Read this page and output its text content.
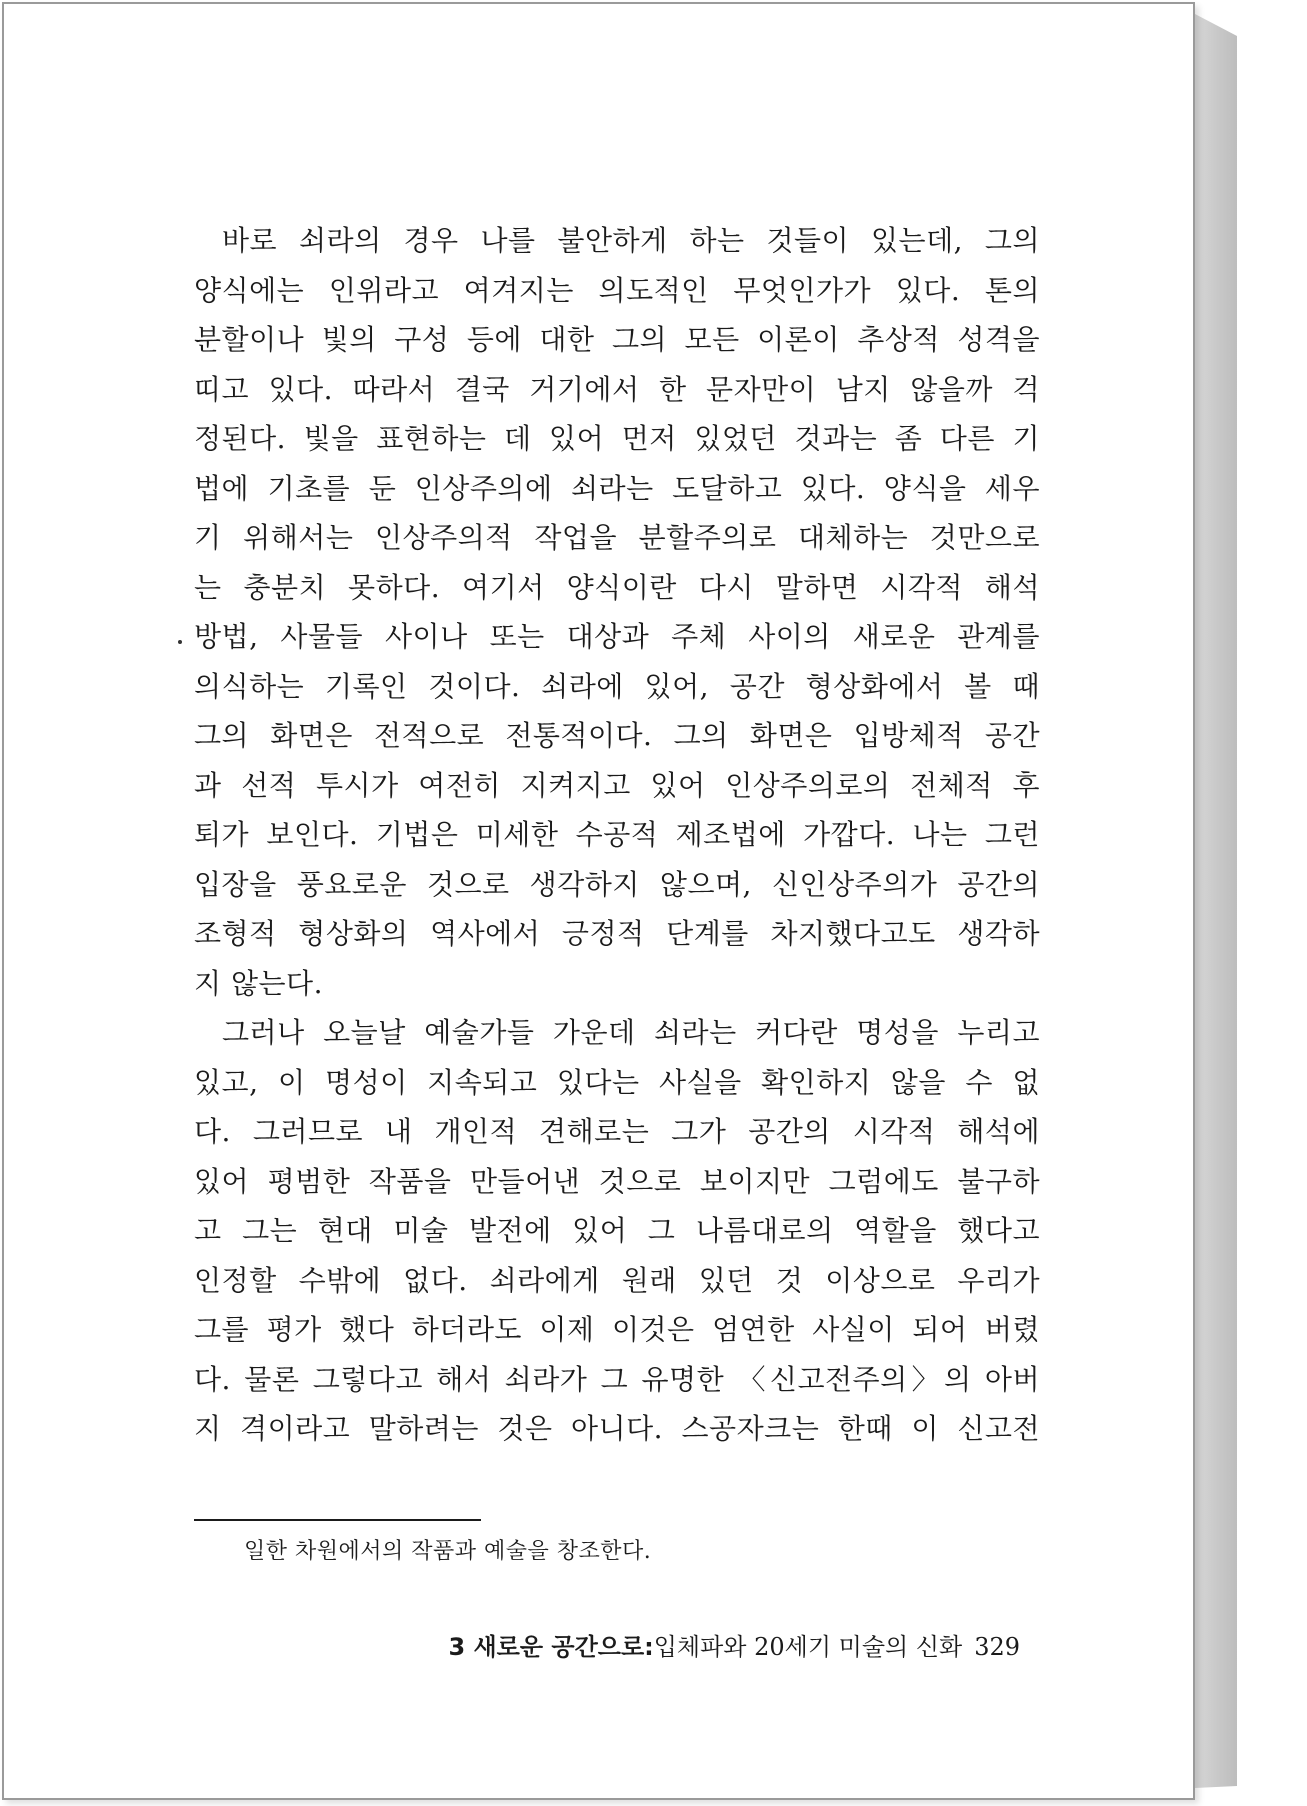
바로 쇠라의 경우 나를 불안하게 하는 것들이 있는데, 그의
양식에는 인위라고 여겨지는 의도적인 무엇인가가 있다. 톤의
분할이나 빛의 구성 등에 대한 그의 모든 이론이 추상적 성격을
띠고 있다. 따라서 결국 거기에서 한 문자만이 남지 않을까 걱
정된다. 빛을 표현하는 데 있어 먼저 있었던 것과는 좀 다른 기
법에 기초를 둔 인상주의에 쇠라는 도달하고 있다. 양식을 세우
기 위해서는 인상주의적 작업을 분할주의로 대체하는 것만으로
는 충분치 못하다. 여기서 양식이란 다시 말하면 시각적 해석
방법, 사물들 사이나 또는 대상과 주체 사이의 새로운 관계를
의식하는 기록인 것이다. 쇠라에 있어, 공간 형상화에서 볼 때
그의 화면은 전적으로 전통적이다. 그의 화면은 입방체적 공간
과 선적 투시가 여전히 지켜지고 있어 인상주의로의 전체적 후
퇴가 보인다. 기법은 미세한 수공적 제조법에 가깝다. 나는 그런
입장을 풍요로운 것으로 생각하지 않으며, 신인상주의가 공간의
조형적 형상화의 역사에서 긍정적 단계를 차지했다고도 생각하
지 않는다.
그러나 오늘날 예술가들 가운데 쇠라는 커다란 명성을 누리고
있고, 이 명성이 지속되고 있다는 사실을 확인하지 않을 수 없
다. 그러므로 내 개인적 견해로는 그가 공간의 시각적 해석에
있어 평범한 작품을 만들어낸 것으로 보이지만 그럼에도 불구하
고 그는 현대 미술 발전에 있어 그 나름대로의 역할을 했다고
인정할 수밖에 없다. 쇠라에게 원래 있던 것 이상으로 우리가
그를 평가 했다 하더라도 이제 이것은 엄연한 사실이 되어 버렸
다. 물론 그렇다고 해서 쇠라가 그 유명한 〈신고전주의〉의 아버
지 격이라고 말하려는 것은 아니다. 스공자크는 한때 이 신고전
일한 차원에서의 작품과 예술을 창조한다.
3 새로운 공간으로:입체파와 20세기 미술의 신화 329
